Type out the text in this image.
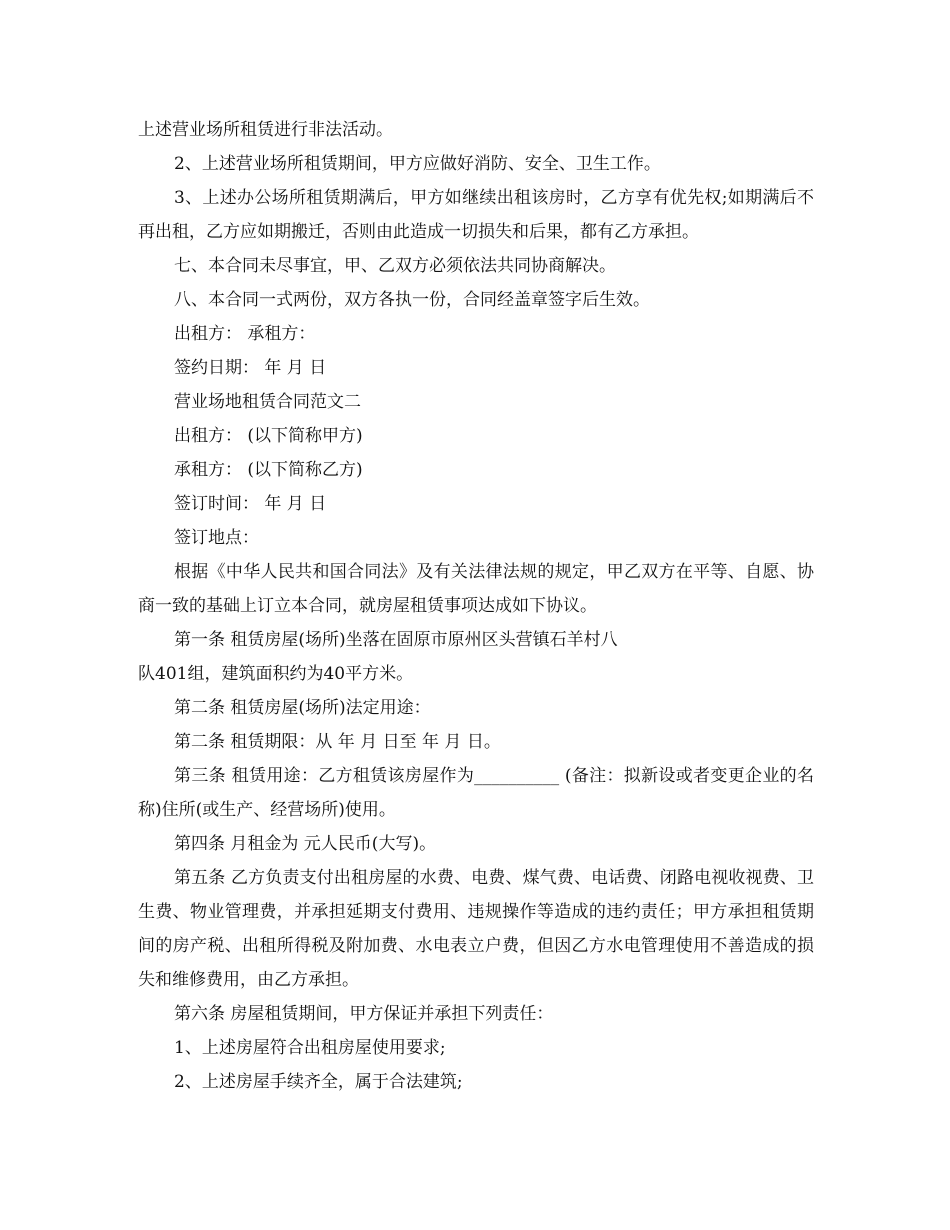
上述营业场所租赁进行非法活动。

2、上述营业场所租赁期间，甲方应做好消防、安全、卫生工作。

3、上述办公场所租赁期满后，甲方如继续出租该房时，乙方享有优先权;如期满后不再出租，乙方应如期搬迁，否则由此造成一切损失和后果，都有乙方承担。

七、本合同未尽事宜，甲、乙双方必须依法共同协商解决。

八、本合同一式两份，双方各执一份，合同经盖章签字后生效。

出租方： 承租方：

签约日期： 年 月 日

营业场地租赁合同范文二

出租方： (以下简称甲方)

承租方： (以下简称乙方)

签订时间： 年 月 日

签订地点：

根据《中华人民共和国合同法》及有关法律法规的规定，甲乙双方在平等、自愿、协商一致的基础上订立本合同，就房屋租赁事项达成如下协议。

第一条 租赁房屋(场所)坐落在固原市原州区头营镇石羊村八

队401组，建筑面积约为40平方米。

第二条 租赁房屋(场所)法定用途：

第二条 租赁期限：从 年 月 日至 年 月 日。

第三条 租赁用途：乙方租赁该房屋作为__________ (备注：拟新设或者变更企业的名称)住所(或生产、经营场所)使用。

第四条 月租金为 元人民币(大写)。

第五条 乙方负责支付出租房屋的水费、电费、煤气费、电话费、闭路电视收视费、卫生费、物业管理费，并承担延期支付费用、违规操作等造成的违约责任；甲方承担租赁期间的房产税、出租所得税及附加费、水电表立户费，但因乙方水电管理使用不善造成的损失和维修费用，由乙方承担。

第六条 房屋租赁期间，甲方保证并承担下列责任：

1、上述房屋符合出租房屋使用要求;

2、上述房屋手续齐全，属于合法建筑;
